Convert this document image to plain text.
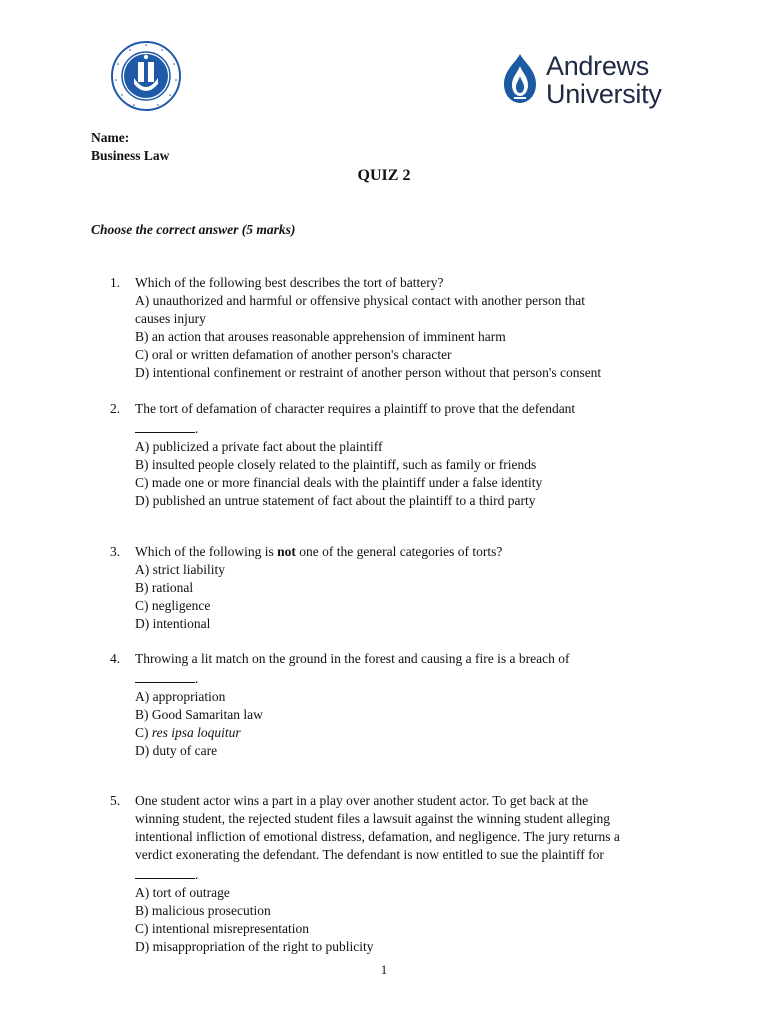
Andrews
University
Name:
Business Law
QUIZ 2
Choose the correct answer (5 marks)
1. Which of the following best describes the tort of battery?
A) unauthorized and harmful or offensive physical contact with another person that
causes injury
B) an action that arouses reasonable apprehension of imminent harm
C) oral or written defamation of another person's character
D) intentional confinement or restraint of another person without that person's consent
2. The tort of defamation of character requires a plaintiff to prove that the defendant
.
A) publicized a private fact about the plaintiff
B) insulted people closely related to the plaintiff, such as family or friends
C) made one or more financial deals with the plaintiff under a false identity
D) published an untrue statement of fact about the plaintiff to a third party
3. Which of the following is not one of the general categories of torts?
A) strict liability
B) rational
C) negligence
D) intentional
4. Throwing a lit match on the ground in the forest and causing a fire is a breach of
.
A) appropriation
B) Good Samaritan law
C) res ipsa loquitur
D) duty of care
5. One student actor wins a part in a play over another student actor. To get back at the
winning student, the rejected student files a lawsuit against the winning student alleging
intentional infliction of emotional distress, defamation, and negligence. The jury returns a
verdict exonerating the defendant. The defendant is now entitled to sue the plaintiff for
.
A) tort of outrage
B) malicious prosecution
C) intentional misrepresentation
D) misappropriation of the right to publicity
1
